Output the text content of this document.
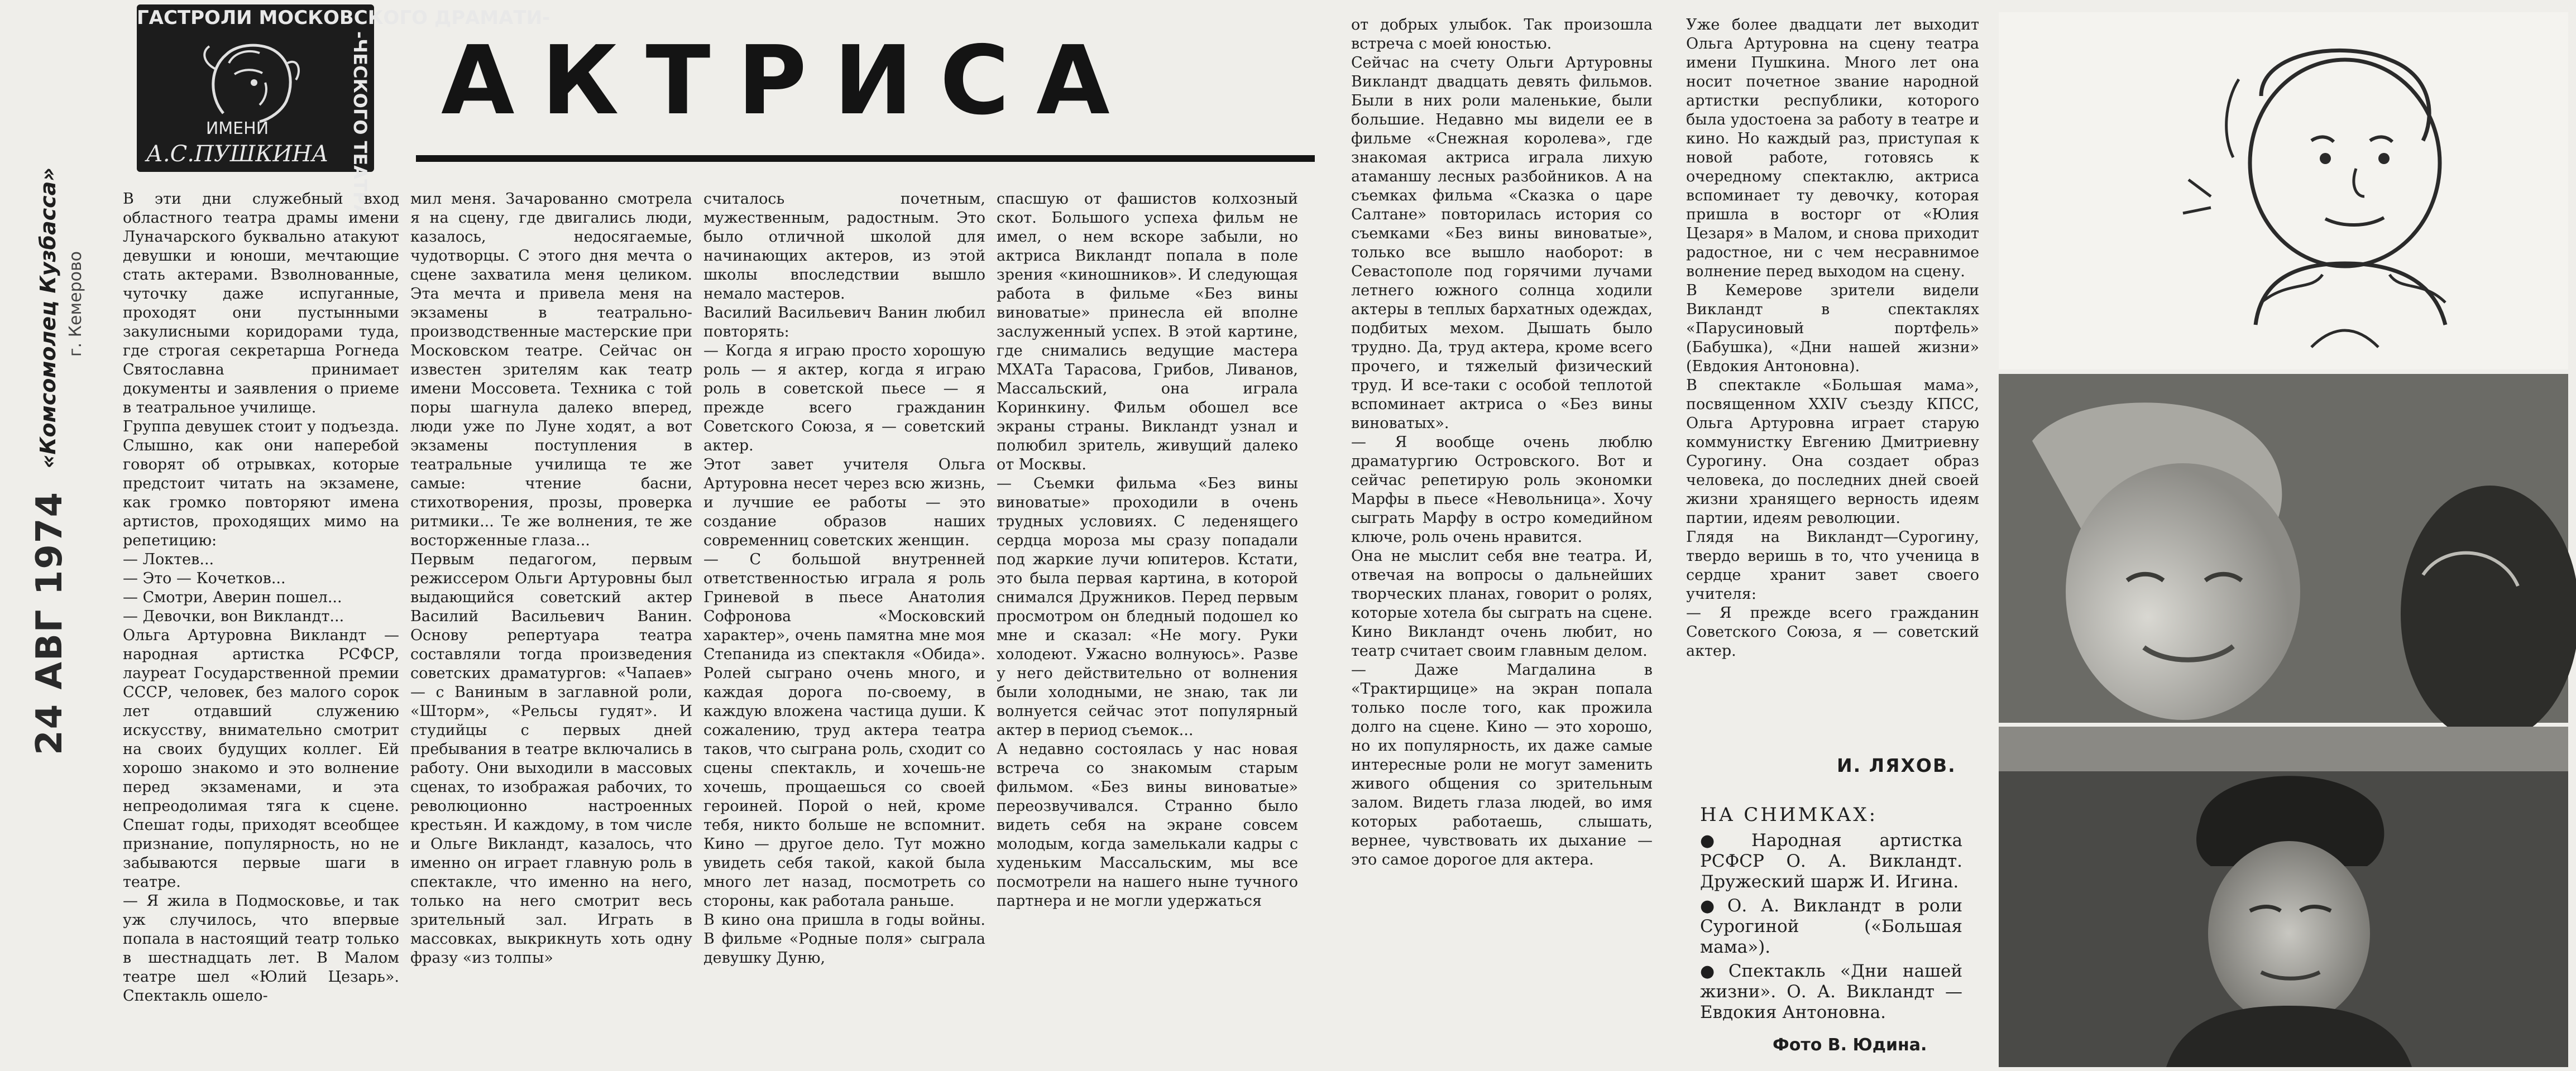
«Комсомолец Кузбасса» г. Кемерово
24 АВГ 1974
ГАСТРОЛИ МОСКОВСКОГО ДРАМАТИ-
-ЧЕСКОГО ТЕАТРА
ИМЕНИ
А.С.ПУШКИНА
АКТРИСА
В эти дни служебный вход областного театра драмы имени Луначарского буквально атакуют девушки и юноши, мечтающие стать актерами. Взволнованные, чуточку даже испуганные, проходят они пустынными закулисными коридорами туда, где строгая секретарша Рогнеда Святославна принимает документы и заявления о приеме в театральное училище.
Группа девушек стоит у подъезда. Слышно, как они наперебой говорят об отрывках, которые предстоит читать на экзамене, как громко повторяют имена артистов, проходящих мимо на репетицию:
— Локтев...
— Это — Кочетков...
— Смотри, Аверин пошел...
— Девочки, вон Викландт...
Ольга Артуровна Викландт — народная артистка РСФСР, лауреат Государственной премии СССР, человек, без малого сорок лет отдавший служению искусству, внимательно смотрит на своих будущих коллег. Ей хорошо знакомо и это волнение перед экзаменами, и эта непреодолимая тяга к сцене. Спешат годы, приходят всеобщее признание, популярность, но не забываются первые шаги в театре.
— Я жила в Подмосковье, и так уж случилось, что впервые попала в настоящий театр только в шестнадцать лет. В Малом театре шел «Юлий Цезарь». Спектакль ошело-
мил меня. Зачарованно смотрела я на сцену, где двигались люди, казалось, недосягаемые, чудотворцы. С этого дня мечта о сцене захватила меня целиком. Эта мечта и привела меня на экзамены в театрально-производственные мастерские при Московском театре. Сейчас он известен зрителям как театр имени Моссовета. Техника с той поры шагнула далеко вперед, люди уже по Луне ходят, а вот экзамены поступления в театральные училища те же самые: чтение басни, стихотворения, прозы, проверка ритмики... Те же волнения, те же восторженные глаза...
Первым педагогом, первым режиссером Ольги Артуровны был выдающийся советский актер Василий Васильевич Ванин. Основу репертуара театра составляли тогда произведения советских драматургов: «Чапаев» — с Ваниным в заглавной роли, «Шторм», «Рельсы гудят». И студийцы с первых дней пребывания в театре включались в работу. Они выходили в массовых сценах, то изображая рабочих, то революционно настроенных крестьян. И каждому, в том числе и Ольге Викландт, казалось, что именно он играет главную роль в спектакле, что именно на него, только на него смотрит весь зрительный зал. Играть в массовках, выкрикнуть хоть одну фразу «из толпы»
считалось почетным, мужественным, радостным. Это было отличной школой для начинающих актеров, из этой школы впоследствии вышло немало мастеров.
Василий Васильевич Ванин любил повторять:
— Когда я играю просто хорошую роль — я актер, когда я играю роль в советской пьесе — я прежде всего гражданин Советского Союза, я — советский актер.
Этот завет учителя Ольга Артуровна несет через всю жизнь, и лучшие ее работы — это создание образов наших современниц советских женщин.
— С большой внутренней ответственностью играла я роль Гриневой в пьесе Анатолия Софронова «Московский характер», очень памятна мне моя Степанида из спектакля «Обида». Ролей сыграно очень много, и каждая дорога по-своему, в каждую вложена частица души. К сожалению, труд актера театра таков, что сыграна роль, сходит со сцены спектакль, и хочешь-не хочешь, прощаешься со своей героиней. Порой о ней, кроме тебя, никто больше не вспомнит. Кино — другое дело. Тут можно увидеть себя такой, какой была много лет назад, посмотреть со стороны, как работала раньше.
В кино она пришла в годы войны. В фильме «Родные поля» сыграла девушку Дуню,
спасшую от фашистов колхозный скот. Большого успеха фильм не имел, о нем вскоре забыли, но актриса Викландт попала в поле зрения «киношников». И следующая работа в фильме «Без вины виноватые» принесла ей вполне заслуженный успех. В этой картине, где снимались ведущие мастера МХАТа Тарасова, Грибов, Ливанов, Массальский, она играла Коринкину. Фильм обошел все экраны страны. Викландт узнал и полюбил зритель, живущий далеко от Москвы.
— Съемки фильма «Без вины виноватые» проходили в очень трудных условиях. С леденящего сердца мороза мы сразу попадали под жаркие лучи юпитеров. Кстати, это была первая картина, в которой снимался Дружников. Перед первым просмотром он бледный подошел ко мне и сказал: «Не могу. Руки холодеют. Ужасно волнуюсь». Разве у него действительно от волнения были холодными, не знаю, так ли волнуется сейчас этот популярный актер в период съемок...
А недавно состоялась у нас новая встреча со знакомым старым фильмом. «Без вины виноватые» переозвучивался. Странно было видеть себя на экране совсем молодым, когда замелькали кадры с худеньким Массальским, мы все посмотрели на нашего ныне тучного партнера и не могли удержаться
от добрых улыбок. Так произошла встреча с моей юностью.
Сейчас на счету Ольги Артуровны Викландт двадцать девять фильмов. Были в них роли маленькие, были большие. Недавно мы видели ее в фильме «Снежная королева», где знакомая актриса играла лихую атаманшу лесных разбойников. А на съемках фильма «Сказка о царе Салтане» повторилась история со съемками «Без вины виноватые», только все вышло наоборот: в Севастополе под горячими лучами летнего южного солнца ходили актеры в теплых бархатных одеждах, подбитых мехом. Дышать было трудно. Да, труд актера, кроме всего прочего, и тяжелый физический труд. И все-таки с особой теплотой вспоминает актриса о «Без вины виноватых».
— Я вообще очень люблю драматургию Островского. Вот и сейчас репетирую роль экономки Марфы в пьесе «Невольница». Хочу сыграть Марфу в остро комедийном ключе, роль очень нравится.
Она не мыслит себя вне театра. И, отвечая на вопросы о дальнейших творческих планах, говорит о ролях, которые хотела бы сыграть на сцене. Кино Викландт очень любит, но театр считает своим главным делом.
— Даже Магдалина в «Трактирщице» на экран попала только после того, как прожила долго на сцене. Кино — это хорошо, но их популярность, их даже самые интересные роли не могут заменить живого общения со зрительным залом. Видеть глаза людей, во имя которых работаешь, слышать, вернее, чувствовать их дыхание — это самое дорогое для актера.
Уже более двадцати лет выходит Ольга Артуровна на сцену театра имени Пушкина. Много лет она носит почетное звание народной артистки республики, которого была удостоена за работу в театре и кино. Но каждый раз, приступая к новой работе, готовясь к очередному спектаклю, актриса вспоминает ту девочку, которая пришла в восторг от «Юлия Цезаря» в Малом, и снова приходит радостное, ни с чем несравнимое волнение перед выходом на сцену.
В Кемерове зрители видели Викландт в спектаклях «Парусиновый портфель» (Бабушка), «Дни нашей жизни» (Евдокия Антоновна).
В спектакле «Большая мама», посвященном XXIV съезду КПСС, Ольга Артуровна играет старую коммунистку Евгению Дмитриевну Сурогину. Она создает образ человека, до последних дней своей жизни хранящего верность идеям партии, идеям революции.
Глядя на Викландт—Сурогину, твердо веришь в то, что ученица в сердце хранит завет своего учителя:
— Я прежде всего гражданин Советского Союза, я — советский актер.
И. ЛЯХОВ.
НА СНИМКАХ:
● Народная артистка РСФСР О. А. Викландт. Дружеский шарж И. Игина.
● О. А. Викландт в роли Сурогиной («Большая мама»).
● Спектакль «Дни нашей жизни». О. А. Викландт — Евдокия Антоновна.
Фото В. Юдина.
